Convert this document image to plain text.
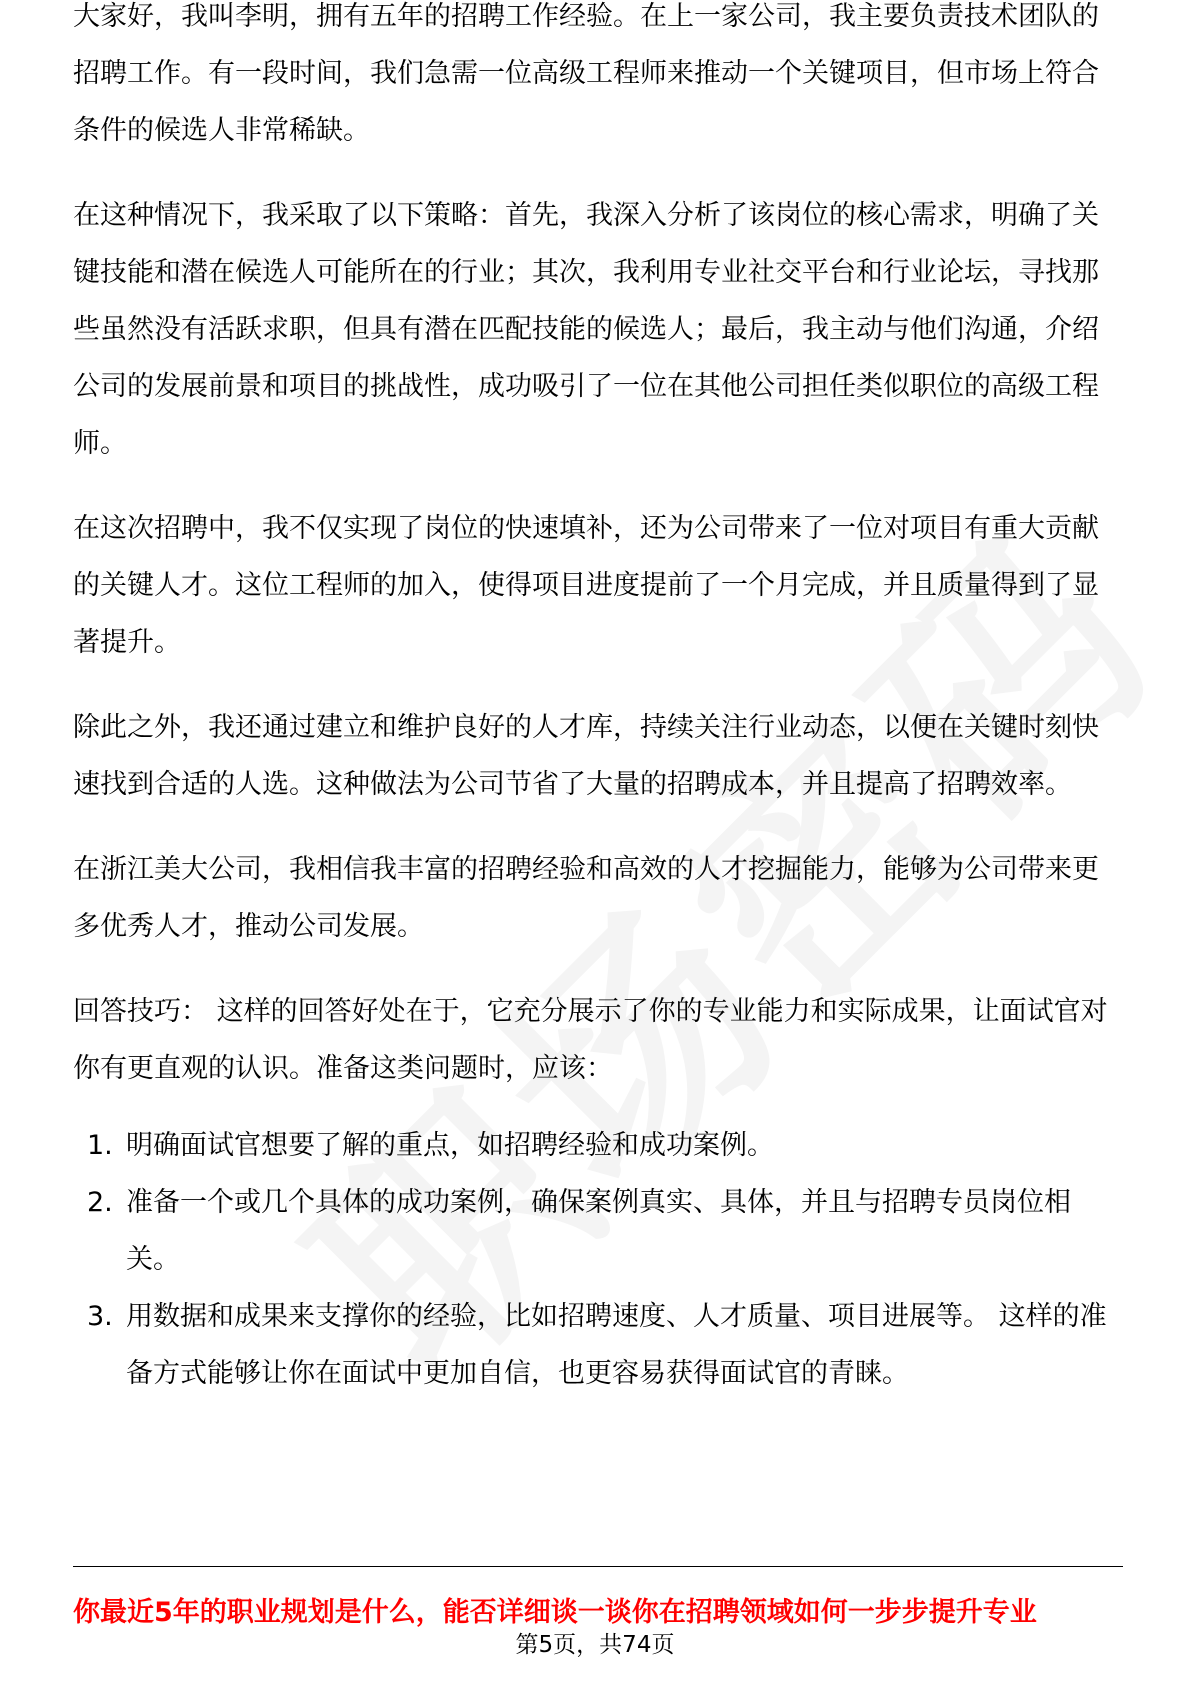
大家好，我叫李明，拥有五年的招聘工作经验。在上一家公司，我主要负责技术团队的招聘工作。有一段时间，我们急需一位高级工程师来推动一个关键项目，但市场上符合条件的候选人非常稀缺。

在这种情况下，我采取了以下策略：首先，我深入分析了该岗位的核心需求，明确了关键技能和潜在候选人可能所在的行业；其次，我利用专业社交平台和行业论坛，寻找那些虽然没有活跃求职，但具有潜在匹配技能的候选人；最后，我主动与他们沟通，介绍公司的发展前景和项目的挑战性，成功吸引了一位在其他公司担任类似职位的高级工程师。

在这次招聘中，我不仅实现了岗位的快速填补，还为公司带来了一位对项目有重大贡献的关键人才。这位工程师的加入，使得项目进度提前了一个月完成，并且质量得到了显著提升。

除此之外，我还通过建立和维护良好的人才库，持续关注行业动态，以便在关键时刻快速找到合适的人选。这种做法为公司节省了大量的招聘成本，并且提高了招聘效率。

在浙江美大公司，我相信我丰富的招聘经验和高效的人才挖掘能力，能够为公司带来更多优秀人才，推动公司发展。

回答技巧： 这样的回答好处在于，它充分展示了你的专业能力和实际成果，让面试官对你有更直观的认识。准备这类问题时，应该：

1. 明确面试官想要了解的重点，如招聘经验和成功案例。
2. 准备一个或几个具体的成功案例，确保案例真实、具体，并且与招聘专员岗位相关。
3. 用数据和成果来支撑你的经验，比如招聘速度、人才质量、项目进展等。 这样的准备方式能够让你在面试中更加自信，也更容易获得面试官的青睐。
你最近5年的职业规划是什么，能否详细谈一谈你在招聘领域如何一步步提升专业
第5页，共74页
